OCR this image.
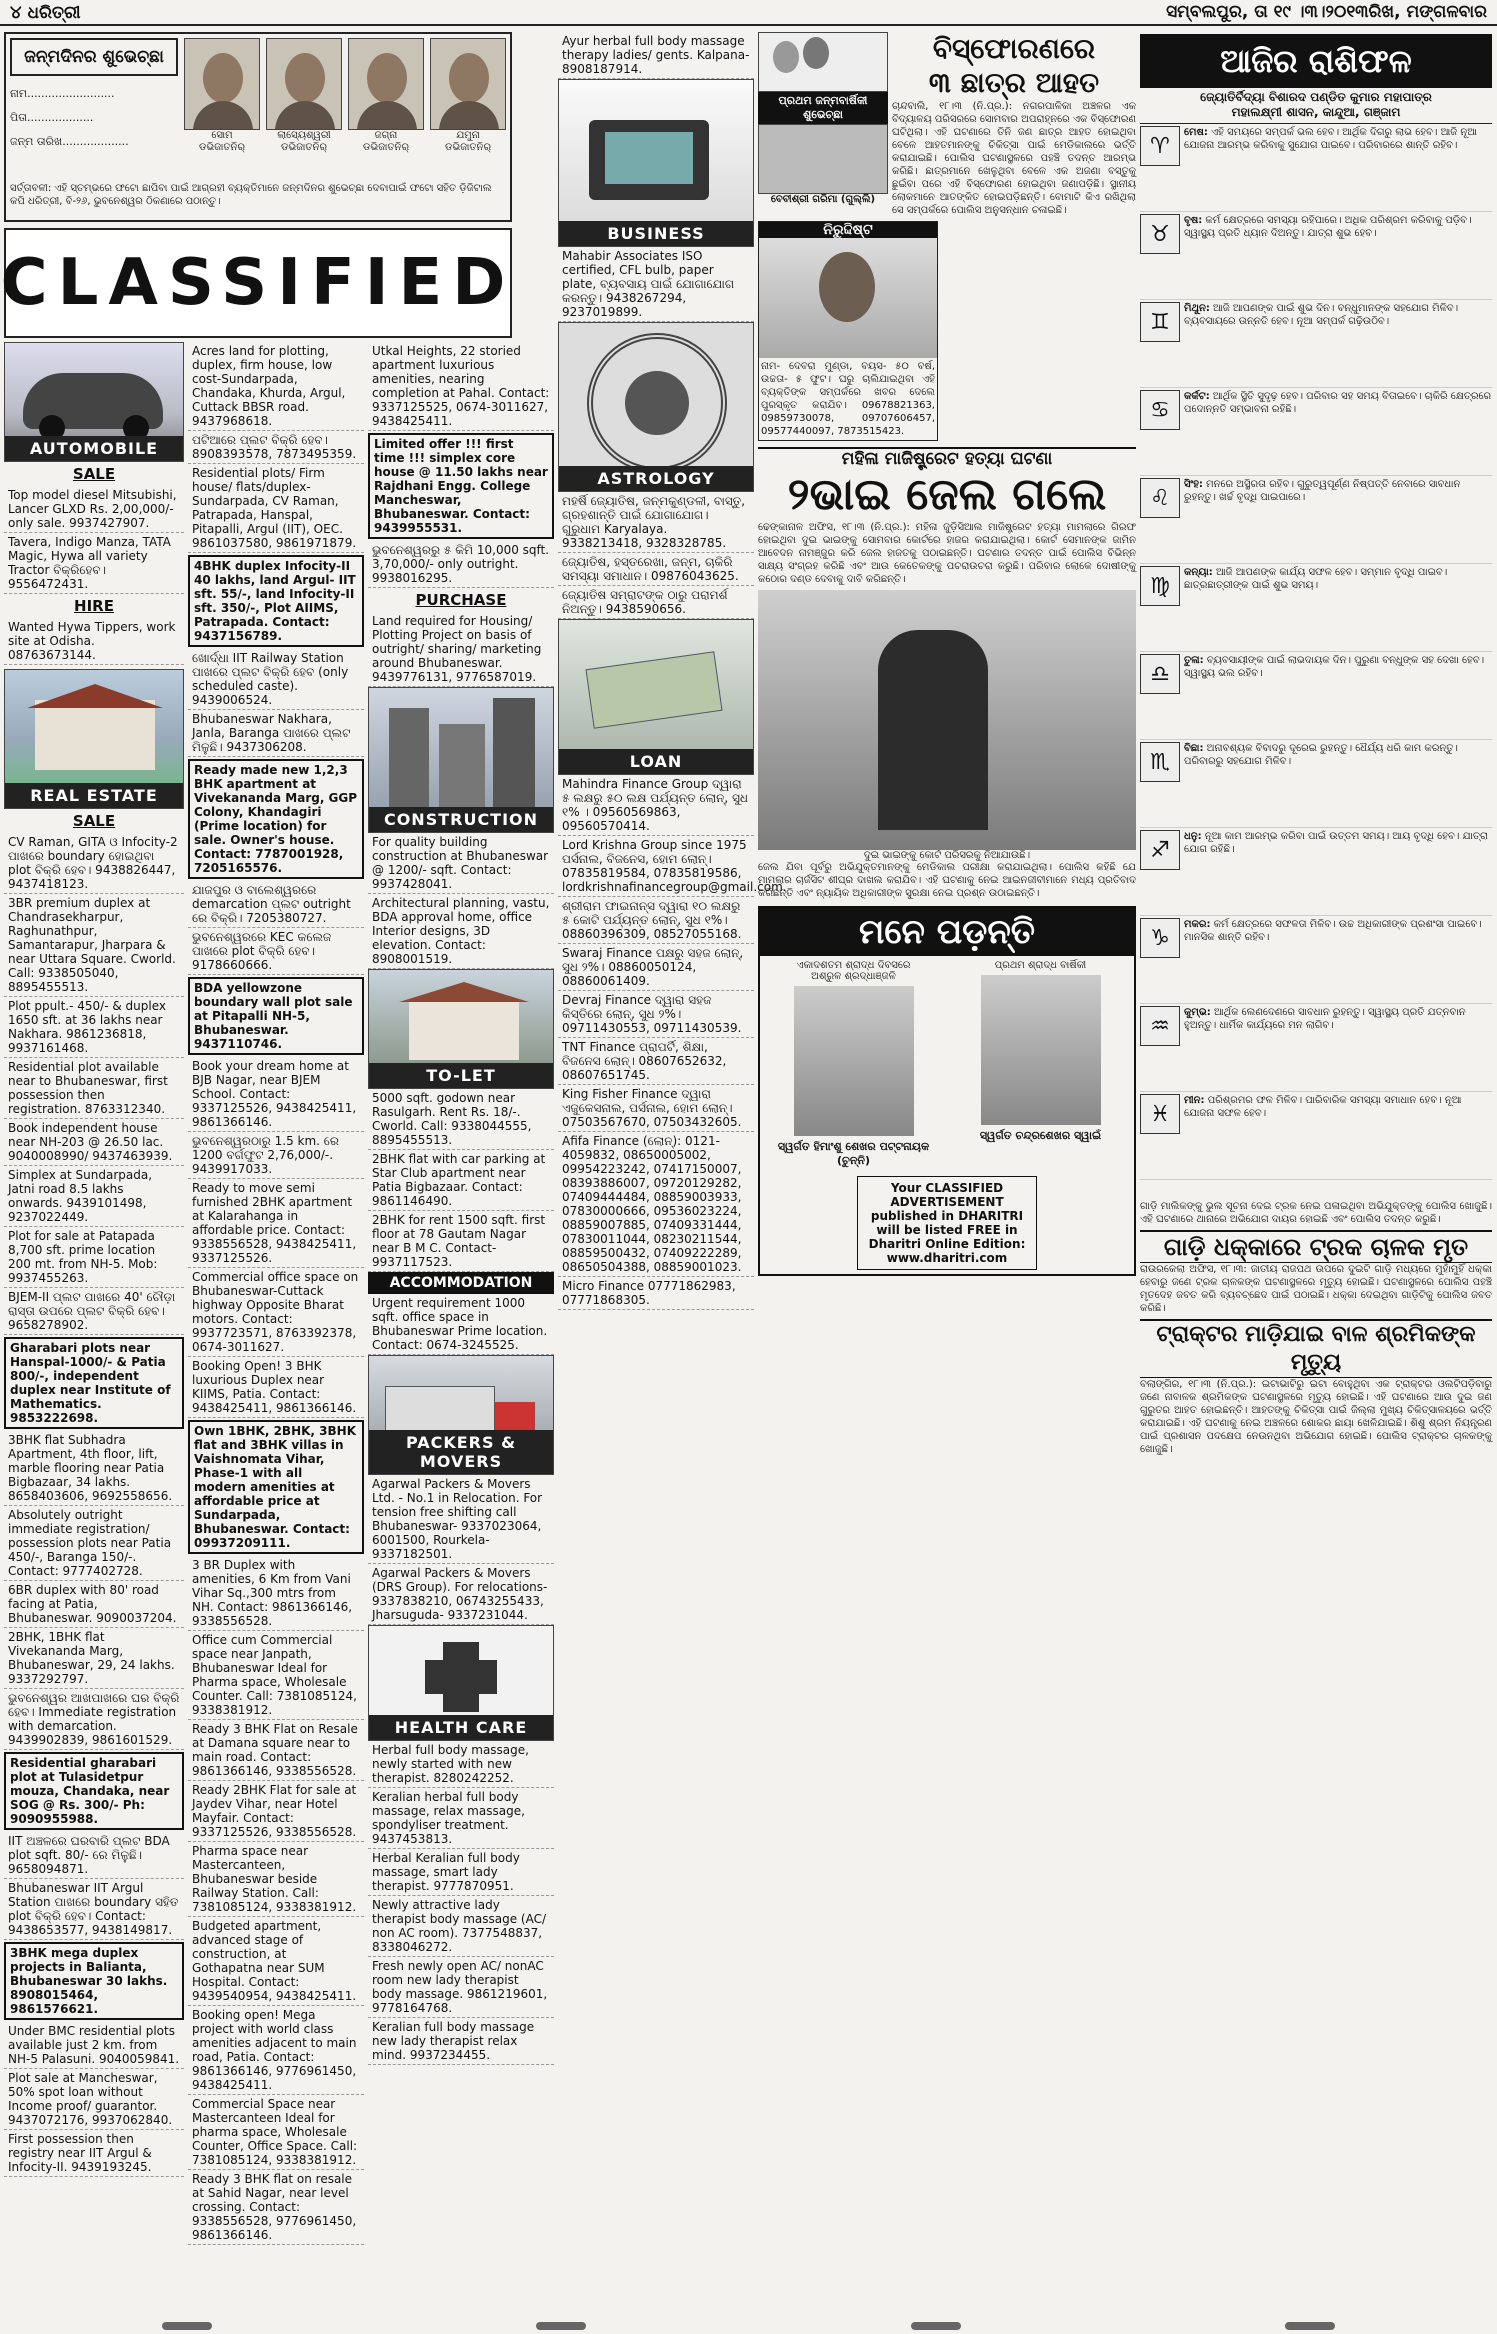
୪ ଧରିତ୍ରୀ	ସମ୍ବଲପୁର, ତା ୧୯ ।୩।୨୦୧୩ରିଖ, ମଙ୍ଗଳବାର
ଜନ୍ମଦିନର ଶୁଭେଚ୍ଛା
ନାମ.........................
ପିତା...................
ଜନ୍ମ ତାରିଖ...................	ସୋମ
ଡଭିଜାତନିର୍
ଲାସ୍ୟେଶ୍ୱରୀ
ଡଭିଜାତନିର୍
ଜଗ୍ନା
ଡଭିଜାତନିର୍
ଯମୁନା
ଡଭିଜାତନିର୍
ସର୍ତ୍ତାବଳୀ: ଏହି ସ୍ତମ୍ଭରେ ଫଟୋ ଛାପିବା ପାଇଁ ଆଗ୍ରହୀ ବ୍ୟକ୍ତିମାନେ ଜନ୍ମଦିନର ଶୁଭେଚ୍ଛା ଦେବାପାଇଁ ଫଟୋ ସହିତ ଡ଼ିଜିଟାଲ କପି ଧରିତ୍ରୀ, ବି-୨୬, ଭୁବନେଶ୍ୱର ଠିକଣାରେ ପଠାନ୍ତୁ।
CLASSIFIED
AUTOMOBILE
SALE
Top model diesel Mitsubishi, Lancer GLXD Rs. 2,00,000/- only sale. 9937427907.
Tavera, Indigo Manza, TATA Magic, Hywa all variety Tractor ବିକ୍ରିହେବ। 9556472431.
HIRE
Wanted Hywa Tippers, work site at Odisha. 08763673144.
REAL ESTATE
SALE
CV Raman, GITA ଓ Infocity-2 ପାଖରେ boundary ହୋଇଥିବା plot ବିକ୍ରି ହେବ। 9438826447, 9437418123.
3BR premium duplex at Chandrasekharpur, Raghunathpur, Samantarapur, Jharpara & near Uttara Square. Cworld. Call: 9338505040, 8895455513.
Plot ppult.- 450/- & duplex 1650 sft. at 36 lakhs near Nakhara. 9861236818, 9937161468.
Residential plot available near to Bhubaneswar, first possession then registration. 8763312340.
Book independent house near NH-203 @ 26.50 lac. 9040008990/ 9437463939.
Simplex at Sundarpada, Jatni road 8.5 lakhs onwards. 9439101498, 9237022449.
Plot for sale at Patapada 8,700 sft. prime location 200 mt. from NH-5. Mob: 9937455263.
BJEM-II ପ୍ଲଟ ପାଖରେ 40' ଚୌଡ଼ା ରାସ୍ତା ଉପରେ ପ୍ଲଟ ବିକ୍ରି ହେବ। 9658278902.
Gharabari plots near Hanspal-1000/- & Patia 800/-, independent duplex near Institute of Mathematics. 9853222698.
3BHK flat Subhadra Apartment, 4th floor, lift, marble flooring near Patia Bigbazaar, 34 lakhs. 8658403606, 9692558656.
Absolutely outright immediate registration/ possession plots near Patia 450/-, Baranga 150/-. Contact: 9777402728.
6BR duplex with 80' road facing at Patia, Bhubaneswar. 9090037204.
2BHK, 1BHK flat Vivekananda Marg, Bhubaneswar, 29, 24 lakhs. 9337292797.
ଭୁବନେଶ୍ୱର ଆଖପାଖରେ ଘର ବିକ୍ରି ହେବ। Immediate registration with demarcation. 9439902839, 9861601529.
Residential gharabari plot at Tulasidetpur mouza, Chandaka, near SOG @ Rs. 300/- Ph: 9090955988.
IIT ଅଞ୍ଚଳରେ ଘରବାରି ପ୍ଲଟ BDA plot sqft. 80/- ରେ ମିଳୁଛି। 9658094871.
Bhubaneswar IIT Argul Station ପାଖରେ boundary ସହିତ plot ବିକ୍ରି ହେବ। Contact: 9438653577, 9438149817.
3BHK mega duplex projects in Balianta, Bhubaneswar 30 lakhs. 8908015464, 9861576621.
Under BMC residential plots available just 2 km. from NH-5 Palasuni. 9040059841.
Plot sale at Mancheswar, 50% spot loan without Income proof/ guarantor. 9437072176, 9937062840.
First possession then registry near IIT Argul & Infocity-II. 9439193245.
Acres land for plotting, duplex, firm house, low cost-Sundarpada, Chandaka, Khurda, Argul, Cuttack BBSR road. 9437968618.
ପଟିଆରେ ପ୍ଲଟ ବିକ୍ରି ହେବ। 8908393578, 7873495359.
Residential plots/ Firm house/ flats/duplex-Sundarpada, CV Raman, Patrapada, Hanspal, Pitapalli, Argul (IIT), OEC. 9861037580, 9861971879.
4BHK duplex Infocity-II 40 lakhs, land Argul- IIT sft. 55/-, land Infocity-II sft. 350/-, Plot AIIMS, Patrapada. Contact: 9437156789.
ଖୋର୍ଦ୍ଧା IIT Railway Station ପାଖରେ ପ୍ଲଟ ବିକ୍ରି ହେବ (only scheduled caste). 9439006524.
Bhubaneswar Nakhara, Janla, Baranga ପାଖରେ ପ୍ଲଟ ମିଳୁଛି। 9437306208.
Ready made new 1,2,3 BHK apartment at Vivekananda Marg, GGP Colony, Khandagiri (Prime location) for sale. Owner's house. Contact: 7787001928, 7205165576.
ଯାଜପୁର ଓ ବାଲେଶ୍ୱରରେ demarcation ପ୍ଲଟ outright ରେ ବିକ୍ରି। 7205380727.
ଭୁବନେଶ୍ୱରରେ KEC କଲେଜ ପାଖରେ plot ବିକ୍ରି ହେବ। 9178660666.
BDA yellowzone boundary wall plot sale at Pitapalli NH-5, Bhubaneswar. 9437110746.
Book your dream home at BJB Nagar, near BJEM School. Contact: 9337125526, 9438425411, 9861366146.
ଭୁବନେଶ୍ୱରଠାରୁ 1.5 km. ରେ 1200 ବର୍ଗଫୁଟ 2,76,000/-. 9439917033.
Ready to move semi furnished 2BHK apartment at Kalarahanga in affordable price. Contact: 9338556528, 9438425411, 9337125526.
Commercial office space on Bhubaneswar-Cuttack highway Opposite Bharat motors. Contact: 9937723571, 8763392378, 0674-3011627.
Booking Open! 3 BHK luxurious Duplex near KIIMS, Patia. Contact: 9438425411, 9861366146.
Own 1BHK, 2BHK, 3BHK flat and 3BHK villas in Vaishnomata Vihar, Phase-1 with all modern amenities at affordable price at Sundarpada, Bhubaneswar. Contact: 09937209111.
3 BR Duplex with amenities, 6 Km from Vani Vihar Sq.,300 mtrs from NH. Contact: 9861366146, 9338556528.
Office cum Commercial space near Janpath, Bhubaneswar Ideal for Pharma space, Wholesale Counter. Call: 7381085124, 9338381912.
Ready 3 BHK Flat on Resale at Damana square near to main road. Contact: 9861366146, 9338556528.
Ready 2BHK Flat for sale at Jaydev Vihar, near Hotel Mayfair. Contact: 9337125526, 9338556528.
Pharma space near Mastercanteen, Bhubaneswar beside Railway Station. Call: 7381085124, 9338381912.
Budgeted apartment, advanced stage of construction, at Gothapatna near SUM Hospital. Contact: 9439540954, 9438425411.
Booking open! Mega project with world class amenities adjacent to main road, Patia. Contact: 9861366146, 9776961450, 9438425411.
Commercial Space near Mastercanteen Ideal for pharma space, Wholesale Counter, Office Space. Call: 7381085124, 9338381912.
Ready 3 BHK flat on resale at Sahid Nagar, near level crossing. Contact: 9338556528, 9776961450, 9861366146.
Utkal Heights, 22 storied apartment luxurious amenities, nearing completion at Pahal. Contact: 9337125525, 0674-3011627, 9438425411.
Limited offer !!! first time !!! simplex core house @ 11.50 lakhs near Rajdhani Engg. College Mancheswar, Bhubaneswar. Contact: 9439955531.
ଭୁବନେଶ୍ୱରରୁ ୫ କିମି 10,000 sqft. 3,70,000/- only outright. 9938016295.
PURCHASE
Land required for Housing/ Plotting Project on basis of outright/ sharing/ marketing around Bhubaneswar. 9439776131, 9776587019.
CONSTRUCTION
For quality building construction at Bhubaneswar @ 1200/- sqft. Contact: 9937428041.
Architectural planning, vastu, BDA approval home, office Interior designs, 3D elevation. Contact: 8908001519.
TO-LET
5000 sqft. godown near Rasulgarh. Rent Rs. 18/-. Cworld. Call: 9338044555, 8895455513.
2BHK flat with car parking at Star Club apartment near Patia Bigbazaar. Contact: 9861146490.
2BHK for rent 1500 sqft. first floor at 78 Gautam Nagar near B M C. Contact- 9937117523.
ACCOMMODATION
Urgent requirement 1000 sqft. office space in Bhubaneswar Prime location. Contact: 0674-3245525.
PACKERS & MOVERS
Agarwal Packers & Movers Ltd. - No.1 in Relocation. For tension free shifting call Bhubaneswar- 9337023064, 6001500, Rourkela-9337182501.
Agarwal Packers & Movers (DRS Group). For relocations-9337838210, 06743255433, Jharsuguda- 9337231044.
HEALTH CARE
Herbal full body massage, newly started with new therapist. 8280242252.
Keralian herbal full body massage, relax massage, spondyliser treatment. 9437453813.
Herbal Keralian full body massage, smart lady therapist. 9777870951.
Newly attractive lady therapist body massage (AC/ non AC room). 7377548837, 8338046272.
Fresh newly open AC/ nonAC room new lady therapist body massage. 9861219601, 9778164768.
Keralian full body massage new lady therapist relax mind. 9937234455.
Ayur herbal full body massage therapy ladies/ gents. Kalpana- 8908187914.
BUSINESS
Mahabir Associates ISO certified, CFL bulb, paper plate, ବ୍ୟବସାୟ ପାଇଁ ଯୋଗାଯୋଗ କରନ୍ତୁ। 9438267294, 9237019899.
ASTROLOGY
ମହର୍ଷି ଜ୍ୟୋତିଷ, ଜନ୍ମକୁଣ୍ଡଳୀ, ବାସ୍ତୁ, ଗ୍ରହଶାନ୍ତି ପାଇଁ ଯୋଗାଯୋଗ। ଗୁରୁଧାମ Karyalaya. 9338213418, 9328328785.
ଜ୍ୟୋତିଷ, ହସ୍ତରେଖା, ଜନ୍ମ, ଚାକିରି ସମସ୍ୟା ସମାଧାନ। 09876043625.
ଜ୍ୟୋତିଷ ସମ୍ରାଟଙ୍କ ଠାରୁ ପରାମର୍ଶ ନିଅନ୍ତୁ। 9438590656.
LOAN
Mahindra Finance Group ଦ୍ୱାରା ୫ ଲକ୍ଷରୁ ୫୦ ଲକ୍ଷ ପର୍ଯ୍ୟନ୍ତ ଲୋନ୍, ସୁଧ ୧% । 09560569863, 09560570414.
Lord Krishna Group since 1975 ପର୍ସନାଲ, ବିଜନେସ, ହୋମ ଲୋନ୍। 07835819584, 07835819586, lordkrishnafinancegroup@gmail.com.
ଶ୍ରୀରାମ ଫାଇନାନ୍ସ ଦ୍ୱାରା ୧୦ ଲକ୍ଷରୁ ୫ କୋଟି ପର୍ଯ୍ୟନ୍ତ ଲୋନ୍, ସୁଧ ୧%। 08860396309, 08527055168.
Swaraj Finance ପକ୍ଷରୁ ସହଜ ଲୋନ୍, ସୁଧ ୨%। 08860050124, 08860061409.
Devraj Finance ଦ୍ୱାରା ସହଜ କିସ୍ତିରେ ଲୋନ୍, ସୁଧ ୨%। 09711430553, 09711430539.
TNT Finance ପ୍ରାପର୍ଟି, ଶିକ୍ଷା, ବିଜନେସ ଲୋନ୍। 08607652632, 08607651745.
King Fisher Finance ଦ୍ୱାରା ଏଜୁକେସନାଲ, ପର୍ସନାଲ, ହୋମ ଲୋନ୍। 07503567670, 07503432605.
Afifa Finance (ଲୋନ୍): 0121-4059832, 08650005002, 09954223242, 07417150007, 08393886007, 09720129282, 07409444484, 08859003933, 07830000666, 09536023224, 08859007885, 07409331444, 07830011044, 08230211544, 08859500432, 07409222289, 08650504388, 08859001023.
Micro Finance 07771862983, 07771868305.
ପ୍ରଥମ ଜନ୍ମବାର୍ଷିକୀ ଶୁଭେଚ୍ଛା
ବେବୀଶ୍ରୀ ଗରିମା (ଗୁଲ୍ଲି)
ବିସ୍ଫୋରଣରେ
୩ ଛାତ୍ର ଆହତ
ଚାନ୍ଦବାଲି, ୧୮।୩ (ନି.ପ୍ର.): ନଗରପାଳିକା ଅଞ୍ଚଳର ଏକ ବିଦ୍ୟାଳୟ ପରିସରରେ ସୋମବାର ଅପରାହ୍ନରେ ଏକ ବିସ୍ଫୋରଣ ଘଟିଥିଲା। ଏହି ଘଟଣାରେ ତିନି ଜଣ ଛାତ୍ର ଆହତ ହୋଇଥିବା ବେଳେ ଆହତମାନଙ୍କୁ ଚିକିତ୍ସା ପାଇଁ ମେଡିକାଲରେ ଭର୍ତ୍ତି କରାଯାଇଛି। ପୋଲିସ ଘଟଣାସ୍ଥଳରେ ପହଞ୍ଚି ତଦନ୍ତ ଆରମ୍ଭ କରିଛି। ଛାତ୍ରମାନେ ଖେଳୁଥିବା ବେଳେ ଏକ ଅଜଣା ବସ୍ତୁକୁ ଛୁଇଁବା ପରେ ଏହି ବିସ୍ଫୋରଣ ହୋଇଥିବା ଜଣାପଡ଼ିଛି। ସ୍ଥାନୀୟ ଲୋକମାନେ ଆତଙ୍କିତ ହୋଇପଡ଼ିଛନ୍ତି। ବୋମାଟି କିଏ ରଖିଥିଲା ସେ ସମ୍ପର୍କରେ ପୋଲିସ ଅନୁସନ୍ଧାନ ଚଳାଇଛି।
ନିରୁଦ୍ଦିଷ୍ଟ
ନାମ- ଦେବରା ମୁଣ୍ଡା, ବୟସ- ୫୦ ବର୍ଷ, ଉଚ୍ଚତା- ୫ ଫୁଟ। ଘରୁ ଚାଲିଯାଇଥିବା ଏହି ବ୍ୟକ୍ତିଙ୍କ ସମ୍ପର୍କରେ ଖବର ଦେଲେ ପୁରସ୍କୃତ କରାଯିବ। 09678821363, 09859730078, 09707606457, 09577440097, 7873515423.
ମହିଳା ମାଜିଷ୍ଟ୍ରେଟ ହତ୍ୟା ଘଟଣା
୨ଭାଇ ଜେଲ ଗଲେ
ଢେଙ୍କାନାଳ ଅଫିସ, ୧୮।୩ (ନି.ପ୍ର.): ମହିଳା ଜୁଡ଼ିସିଆଲ ମାଜିଷ୍ଟ୍ରେଟ ହତ୍ୟା ମାମଲାରେ ଗିରଫ ହୋଇଥିବା ଦୁଇ ଭାଇଙ୍କୁ ସୋମବାର କୋର୍ଟରେ ହାଜର କରାଯାଇଥିଲା। କୋର୍ଟ ସେମାନଙ୍କ ଜାମିନ ଆବେଦନ ନାମଞ୍ଜୁର କରି ଜେଲ ହାଜତକୁ ପଠାଇଛନ୍ତି। ଘଟଣାର ତଦନ୍ତ ପାଇଁ ପୋଲିସ ବିଭିନ୍ନ ସାକ୍ଷ୍ୟ ସଂଗ୍ରହ କରିଛି ଏବଂ ଆଉ କେତେକଙ୍କୁ ପଚରାଉଚରା କରୁଛି। ପରିବାର ଲୋକେ ଦୋଷୀଙ୍କୁ କଠୋର ଦଣ୍ଡ ଦେବାକୁ ଦାବି କରିଛନ୍ତି।
ଦୁଇ ଭାଇଙ୍କୁ କୋର୍ଟ ପରିସରକୁ ନିଆଯାଉଛି।
ଜେଲ ଯିବା ପୂର୍ବରୁ ଅଭିଯୁକ୍ତମାନଙ୍କୁ ମେଡିକାଲ ପରୀକ୍ଷା କରାଯାଇଥିଲା। ପୋଲିସ କହିଛି ଯେ ମାମଲାର ଚାର୍ଜସିଟ ଶୀଘ୍ର ଦାଖଲ କରାଯିବ। ଏହି ଘଟଣାକୁ ନେଇ ଆଇନଜୀବୀମାନେ ମଧ୍ୟ ପ୍ରତିବାଦ କରିଛନ୍ତି ଏବଂ ନ୍ୟାୟିକ ଅଧିକାରୀଙ୍କ ସୁରକ୍ଷା ନେଇ ପ୍ରଶ୍ନ ଉଠାଇଛନ୍ତି।
ମନେ ପଡ଼ନ୍ତି
ଏକାଦଶତମ ଶ୍ରାଦ୍ଧ ଦିବସରେ
ଅଶ୍ରୁଳ ଶ୍ରଦ୍ଧାଞ୍ଜଳି
ସ୍ୱର୍ଗତ ହିମାଂଶୁ ଶେଖର ପଟ୍ଟନାୟକ
(ଚୁନ୍ନି)
ପ୍ରଥମ ଶ୍ରାଦ୍ଧ ବାର୍ଷିକୀ
ସ୍ୱର୍ଗତ ଚନ୍ଦ୍ରଶେଖର ସ୍ୱାଇଁ
Your CLASSIFIED ADVERTISEMENT published in DHARITRI will be listed FREE in Dharitri Online Edition: www.dharitri.com
ଆଜିର ରାଶିଫଳ
ଜ୍ୟୋତିର୍ବିଦ୍ୟା ବିଶାରଦ ପଣ୍ଡିତ କୁମାର ମହାପାତ୍ର
ମହାଲକ୍ଷ୍ମୀ ଶାସନ, କାନ୍ଦୁଆ, ଗଞ୍ଜାମ
♈
ମେଷ: ଏହି ସମୟରେ ସମ୍ପର୍କ ଭଲ ହେବ। ଆର୍ଥିକ ଦିଗରୁ ଲାଭ ହେବ। ଆଜି ନୂଆ ଯୋଜନା ଆରମ୍ଭ କରିବାକୁ ସୁଯୋଗ ପାଇବେ। ପରିବାରରେ ଶାନ୍ତି ରହିବ।
♉
ବୃଷ: କର୍ମ କ୍ଷେତ୍ରରେ ସମସ୍ୟା ରହିପାରେ। ଅଧିକ ପରିଶ୍ରମ କରିବାକୁ ପଡ଼ିବ। ସ୍ୱାସ୍ଥ୍ୟ ପ୍ରତି ଧ୍ୟାନ ଦିଅନ୍ତୁ। ଯାତ୍ରା ଶୁଭ ହେବ।
♊
ମିଥୁନ: ଆଜି ଆପଣଙ୍କ ପାଇଁ ଶୁଭ ଦିନ। ବନ୍ଧୁମାନଙ୍କ ସହଯୋଗ ମିଳିବ। ବ୍ୟବସାୟରେ ଉନ୍ନତି ହେବ। ନୂଆ ସମ୍ପର୍କ ଗଢ଼ିଉଠିବ।
♋
କର୍କଟ: ଆର୍ଥିକ ସ୍ଥିତି ସୁଦୃଢ଼ ହେବ। ପରିବାର ସହ ସମୟ ବିତାଇବେ। ଚାକିରି କ୍ଷେତ୍ରରେ ପଦୋନ୍ନତି ସମ୍ଭାବନା ରହିଛି।
♌
ସିଂହ: ମନରେ ଅସ୍ଥିରତା ରହିବ। ଗୁରୁତ୍ୱପୂର୍ଣ୍ଣ ନିଷ୍ପତ୍ତି ନେବାରେ ସାବଧାନ ରୁହନ୍ତୁ। ଖର୍ଚ୍ଚ ବୃଦ୍ଧି ପାଇପାରେ।
♍
କନ୍ୟା: ଆଜି ଆପଣଙ୍କ କାର୍ଯ୍ୟ ସଫଳ ହେବ। ସମ୍ମାନ ବୃଦ୍ଧି ପାଇବ। ଛାତ୍ରଛାତ୍ରୀଙ୍କ ପାଇଁ ଶୁଭ ସମୟ।
♎
ତୁଳା: ବ୍ୟବସାୟୀଙ୍କ ପାଇଁ ଲାଭଦାୟକ ଦିନ। ପୁରୁଣା ବନ୍ଧୁଙ୍କ ସହ ଦେଖା ହେବ। ସ୍ୱାସ୍ଥ୍ୟ ଭଲ ରହିବ।
♏
ବିଛା: ଅନାବଶ୍ୟକ ବିବାଦରୁ ଦୂରେଇ ରୁହନ୍ତୁ। ଧୈର୍ଯ୍ୟ ଧରି କାମ କରନ୍ତୁ। ପରିବାରରୁ ସହଯୋଗ ମିଳିବ।
♐
ଧନୁ: ନୂଆ କାମ ଆରମ୍ଭ କରିବା ପାଇଁ ଉତ୍ତମ ସମୟ। ଆୟ ବୃଦ୍ଧି ହେବ। ଯାତ୍ରା ଯୋଗ ରହିଛି।
♑
ମକର: କର୍ମ କ୍ଷେତ୍ରରେ ସଫଳତା ମିଳିବ। ଉଚ୍ଚ ଅଧିକାରୀଙ୍କ ପ୍ରଶଂସା ପାଇବେ। ମାନସିକ ଶାନ୍ତି ରହିବ।
♒
କୁମ୍ଭ: ଆର୍ଥିକ ଲେଣଦେଣରେ ସାବଧାନ ରୁହନ୍ତୁ। ସ୍ୱାସ୍ଥ୍ୟ ପ୍ରତି ଯତ୍ନବାନ ହୁଅନ୍ତୁ। ଧାର୍ମିକ କାର୍ଯ୍ୟରେ ମନ ଲାଗିବ।
♓
ମୀନ: ପରିଶ୍ରମର ଫଳ ମିଳିବ। ପାରିବାରିକ ସମସ୍ୟା ସମାଧାନ ହେବ। ନୂଆ ଯୋଜନା ସଫଳ ହେବ।
ଗାଡ଼ି ମାଲିକଙ୍କୁ ଭୁଲ ସୂଚନା ଦେଇ ଟ୍ରକ ନେଇ ପଳାଇଥିବା ଅଭିଯୁକ୍ତଙ୍କୁ ପୋଲିସ ଖୋଜୁଛି। ଏହି ଘଟଣାରେ ଥାନାରେ ଅଭିଯୋଗ ଦାୟର ହୋଇଛି ଏବଂ ପୋଲିସ ତଦନ୍ତ କରୁଛି।
ଗାଡ଼ି ଧକ୍କାରେ ଟ୍ରକ ଚାଳକ ମୃତ
ରାଉରକେଲା ଅଫିସ, ୧୮।୩: ଜାତୀୟ ରାଜପଥ ଉପରେ ଦୁଇଟି ଗାଡ଼ି ମଧ୍ୟରେ ମୁହାଁମୁହିଁ ଧକ୍କା ହେବାରୁ ଜଣେ ଟ୍ରକ ଚାଳକଙ୍କ ଘଟଣାସ୍ଥଳରେ ମୃତ୍ୟୁ ହୋଇଛି। ଘଟଣାସ୍ଥଳରେ ପୋଲିସ ପହଞ୍ଚି ମୃତଦେହ ଜବତ କରି ବ୍ୟବଚ୍ଛେଦ ପାଇଁ ପଠାଇଛି। ଧକ୍କା ଦେଇଥିବା ଗାଡ଼ିଟିକୁ ପୋଲିସ ଜବତ କରିଛି।
ଟ୍ରାକ୍ଟର ମାଡ଼ିଯାଇ ବାଳ ଶ୍ରମିକଙ୍କ ମୃତ୍ୟୁ
ବଲାଙ୍ଗିର, ୧୮।୩ (ନି.ପ୍ର.): ଇଟାଭାଟିରୁ ଇଟା ବୋହୁଥିବା ଏକ ଟ୍ରାକ୍ଟର ଓଲଟିପଡ଼ିବାରୁ ଜଣେ ନାବାଳକ ଶ୍ରମିକଙ୍କ ଘଟଣାସ୍ଥଳରେ ମୃତ୍ୟୁ ହୋଇଛି। ଏହି ଘଟଣାରେ ଆଉ ଦୁଇ ଜଣ ଗୁରୁତର ଆହତ ହୋଇଛନ୍ତି। ଆହତଙ୍କୁ ଚିକିତ୍ସା ପାଇଁ ଜିଲ୍ଲା ମୁଖ୍ୟ ଚିକିତ୍ସାଳୟରେ ଭର୍ତ୍ତି କରାଯାଇଛି। ଏହି ଘଟଣାକୁ ନେଇ ଅଞ୍ଚଳରେ ଶୋକର ଛାୟା ଖେଳିଯାଇଛି। ଶିଶୁ ଶ୍ରମ ନିୟନ୍ତ୍ରଣ ପାଇଁ ପ୍ରଶାସନ ପଦକ୍ଷେପ ନେଉନଥିବା ଅଭିଯୋଗ ହୋଇଛି। ପୋଲିସ ଟ୍ରାକ୍ଟର ଚାଳକଙ୍କୁ ଖୋଜୁଛି।
